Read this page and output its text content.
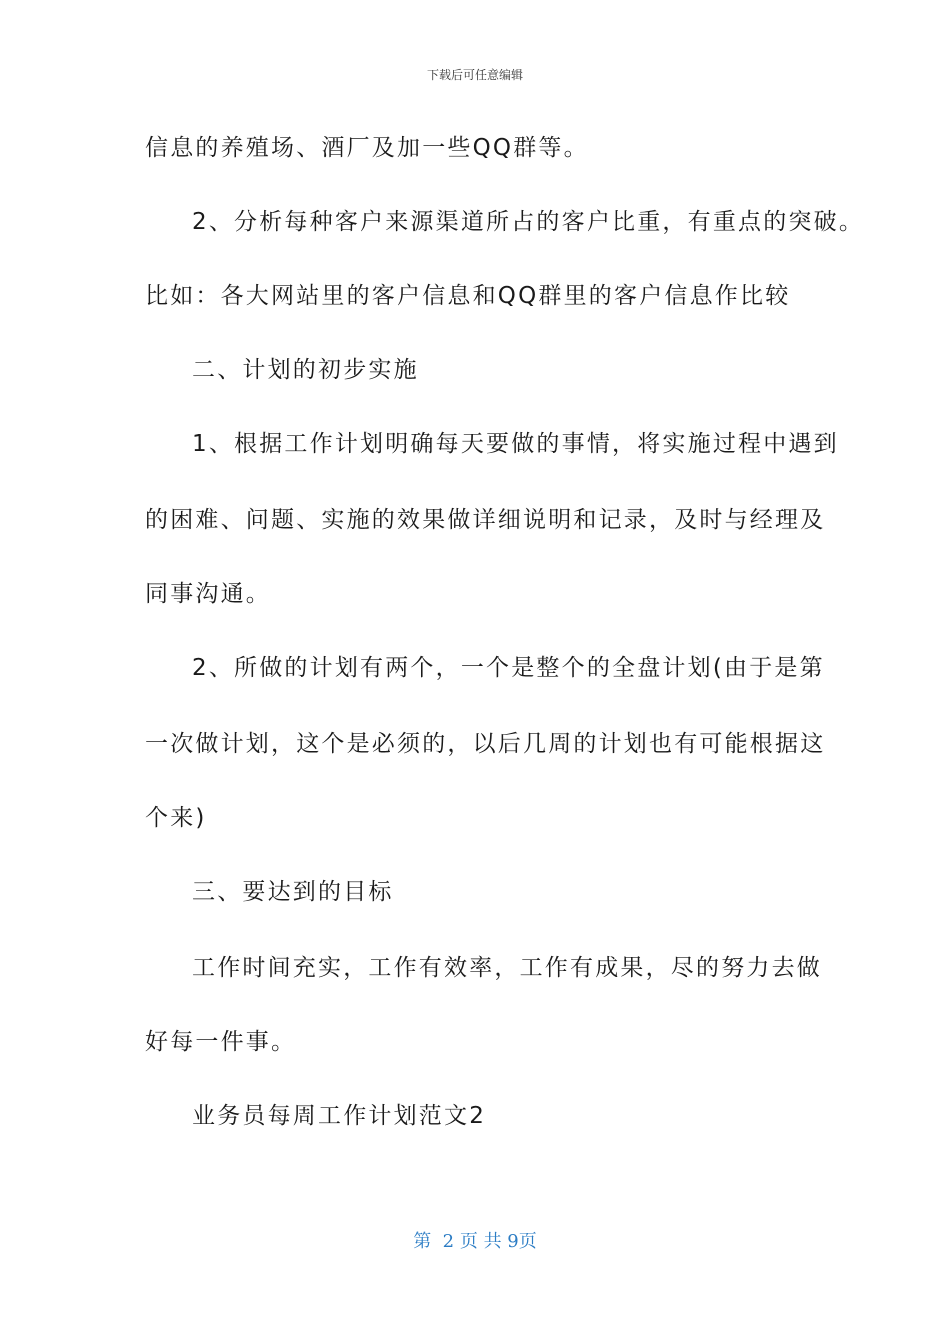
下载后可任意编辑
信息的养殖场、酒厂及加一些QQ群等。
2、分析每种客户来源渠道所占的客户比重，有重点的突破。
比如：各大网站里的客户信息和QQ群里的客户信息作比较
二、计划的初步实施
1、根据工作计划明确每天要做的事情，将实施过程中遇到
的困难、问题、实施的效果做详细说明和记录，及时与经理及
同事沟通。
2、所做的计划有两个，一个是整个的全盘计划(由于是第
一次做计划，这个是必须的，以后几周的计划也有可能根据这
个来)
三、要达到的目标
工作时间充实，工作有效率，工作有成果，尽的努力去做
好每一件事。
业务员每周工作计划范文2
第  2 页 共 9页
